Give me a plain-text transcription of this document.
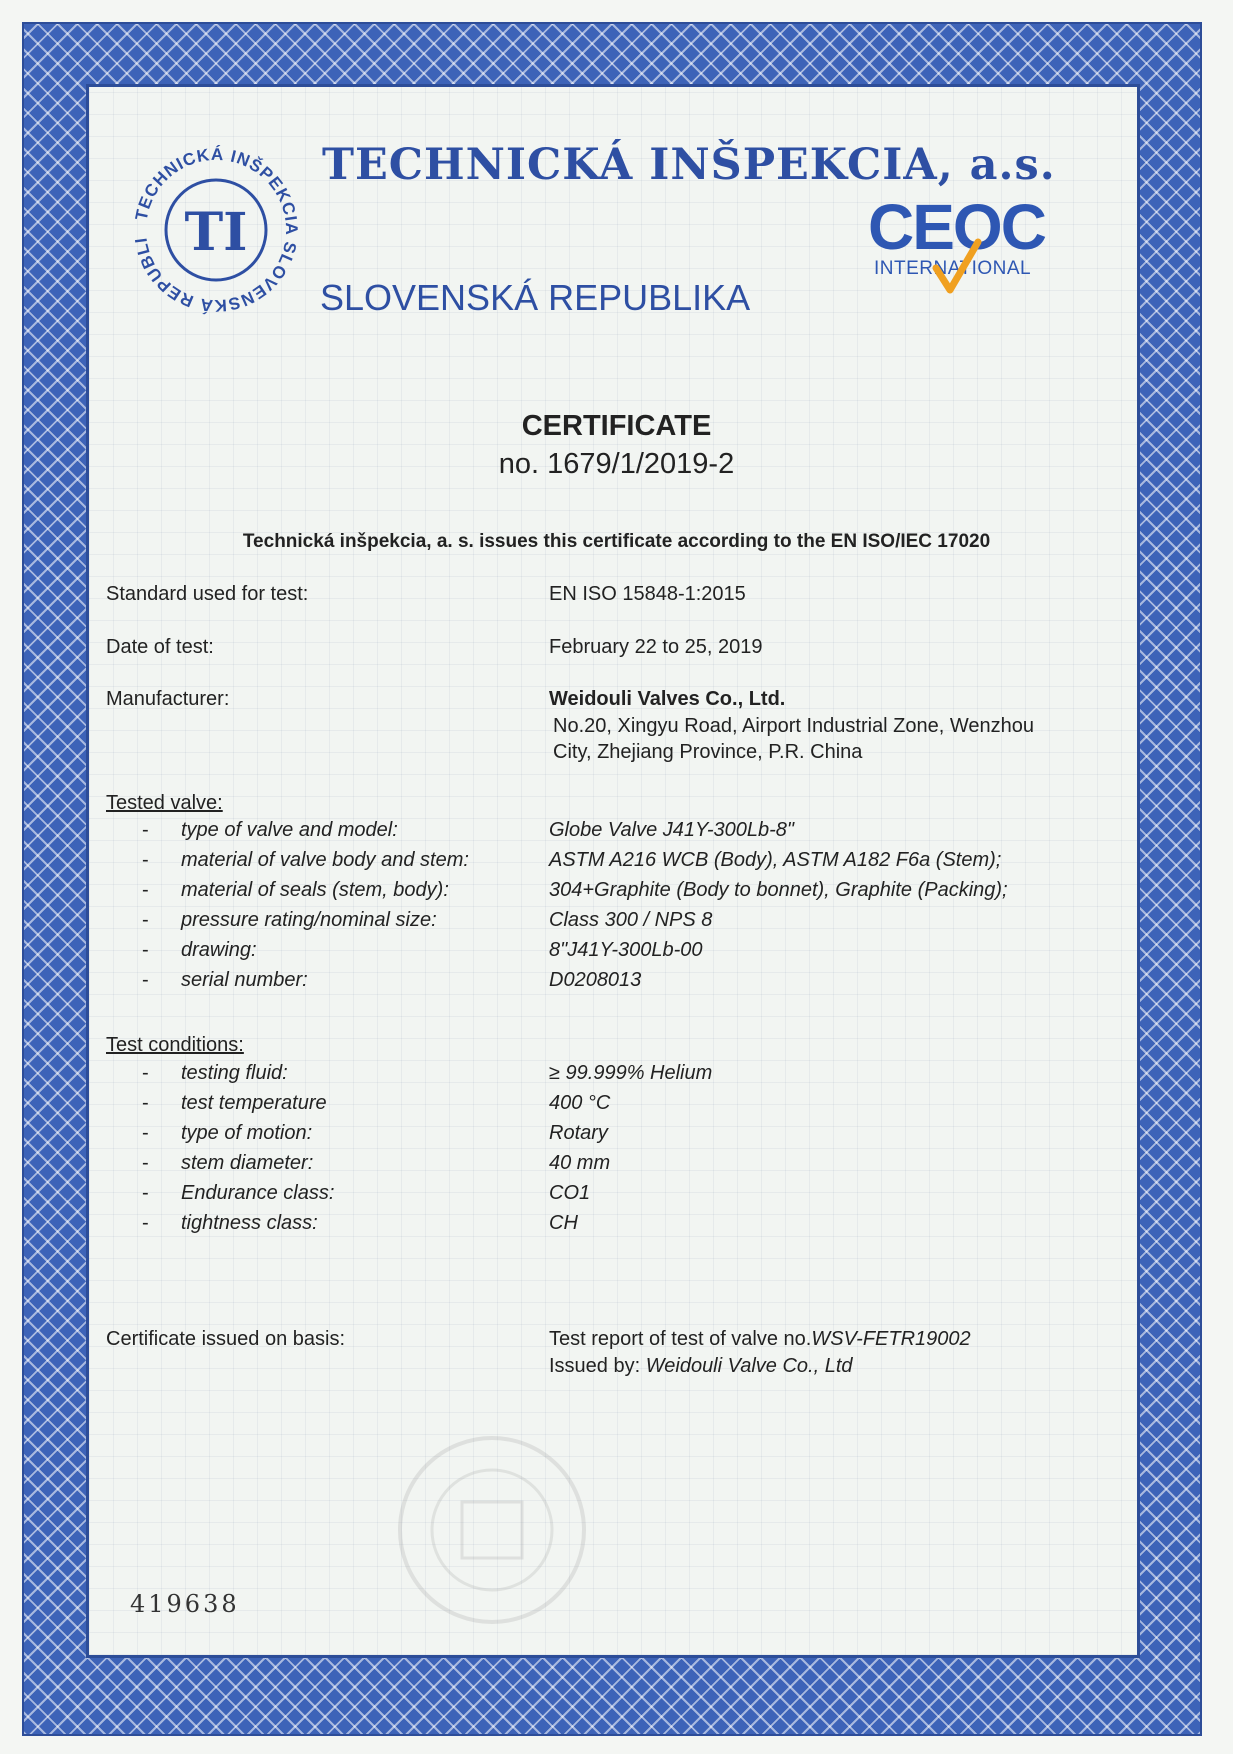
TECHNICKÁ INŠPEKCIA SLOVENSKÁ REPUBLI TI
TECHNICKÁ INŠPEKCIA, a.s.
SLOVENSKÁ REPUBLIKA
CEOC
INTERNATIONAL
CERTIFICATE
no. 1679/1/2019-2
Technická inšpekcia, a. s. issues this certificate according to the EN ISO/IEC 17020
Standard used for test:	EN ISO 15848-1:2015
Date of test:	February 22 to 25, 2019
Manufacturer:	Weidouli Valves Co., Ltd.
No.20, Xingyu Road, Airport Industrial Zone, Wenzhou
City, Zhejiang Province, P.R. China
Tested valve:
- type of valve and model:	Globe Valve J41Y-300Lb-8"
- material of valve body and stem:	ASTM A216 WCB (Body), ASTM A182 F6a (Stem);
- material of seals (stem, body):	304+Graphite (Body to bonnet), Graphite (Packing);
- pressure rating/nominal size:	Class 300 / NPS 8
- drawing:	8"J41Y-300Lb-00
- serial number:	D0208013
Test conditions:
- testing fluid:	≥ 99.999% Helium
- test temperature	400 °C
- type of motion:	Rotary
- stem diameter:	40 mm
- Endurance class:	CO1
- tightness class:	CH
Certificate issued on basis:	Test report of test of valve no.WSV-FETR19002
Issued by: Weidouli Valve Co., Ltd
419638
